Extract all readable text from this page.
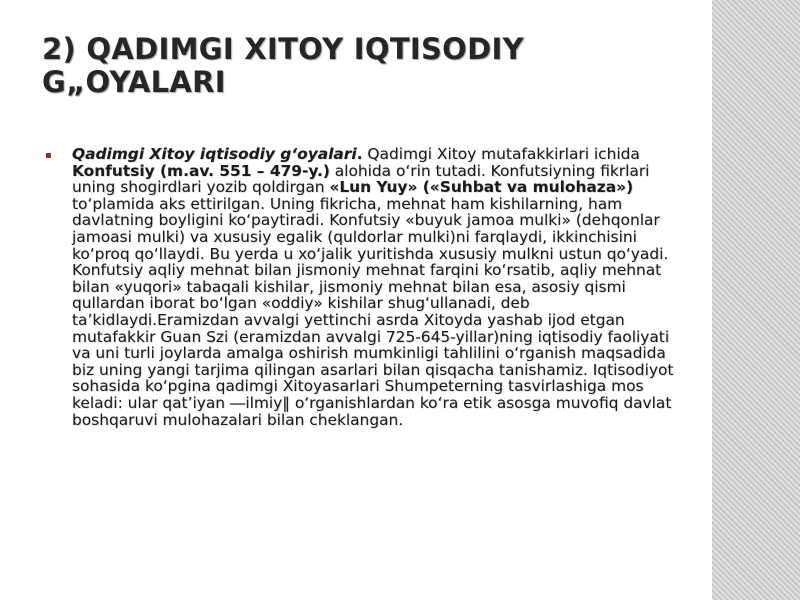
2) QADIMGI XITOY IQTISODIY
G„OYALARI
▪ Qadimgi Xitoy iqtisodiy g‘oyalari. Qadimgi Xitoy mutafakkirlari ichida Konfutsiy (m.av. 551 – 479-y.) alohida o‘rin tutadi. Konfutsiyning fikrlari uning shogirdlari yozib qoldirgan «Lun Yuy» («Suhbat va mulohaza») to‘plamida aks ettirilgan. Uning fikricha, mehnat ham kishilarning, ham davlatning boyligini ko‘paytiradi. Konfutsiy «buyuk jamoa mulki» (dehqonlar jamoasi mulki) va xususiy egalik (quldorlar mulki)ni farqlaydi, ikkinchisini ko‘proq qo‘llaydi. Bu yerda u xo‘jalik yuritishda xususiy mulkni ustun qo‘yadi.

Konfutsiy aqliy mehnat bilan jismoniy mehnat farqini ko‘rsatib, aqliy mehnat bilan «yuqori» tabaqali kishilar, jismoniy mehnat bilan esa, asosiy qismi qullardan iborat bo‘lgan «oddiy» kishilar shug‘ullanadi, deb ta’kidlaydi.Eramizdan avvalgi yettinchi asrda Xitoyda yashab ijod etgan mutafakkir Guan Szi (eramizdan avvalgi 725-645-yillar)ning iqtisodiy faoliyati va uni turli joylarda amalga oshirish mumkinligi tahlilini o‘rganish maqsadida biz uning yangi tarjima qilingan asarlari bilan qisqacha tanishamiz. Iqtisodiyot sohasida ko‘pgina qadimgi Xitoyasarlari Shumpeterning tasvirlashiga mos keladi: ular qat’iyan ―ilmiy‖ o‘rganishlardan ko‘ra etik asosga muvofiq davlat boshqaruvi mulohazalari bilan cheklangan.
